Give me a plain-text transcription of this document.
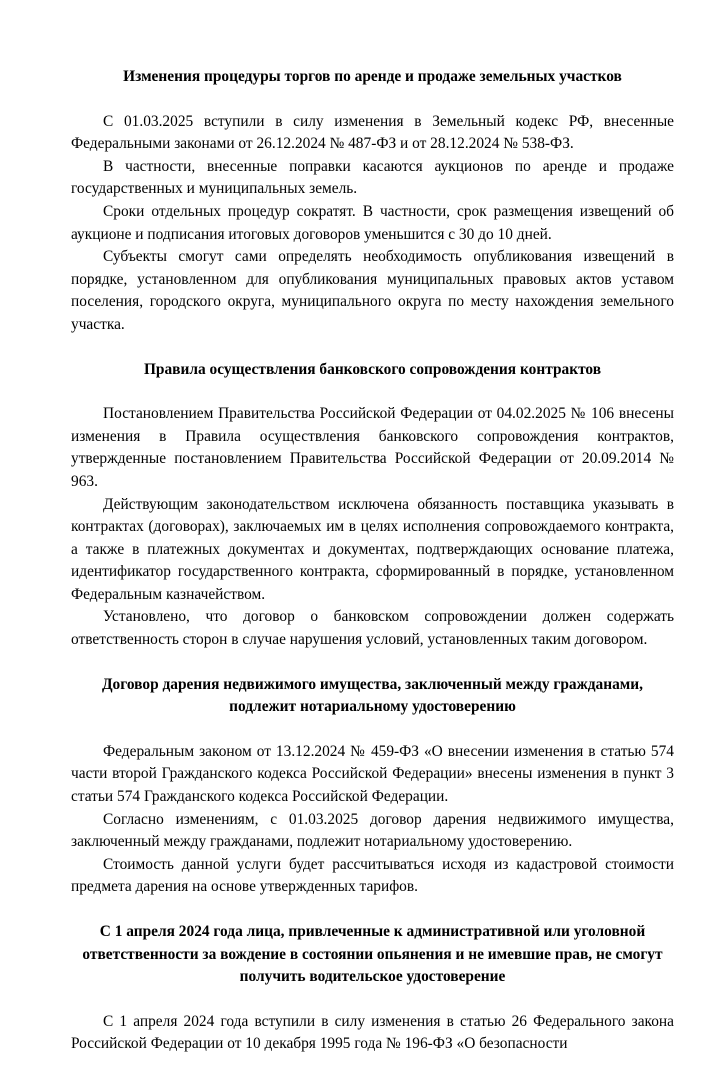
Изменения процедуры торгов по аренде и продаже земельных участков

С 01.03.2025 вступили в силу изменения в Земельный кодекс РФ, внесенные Федеральными законами от 26.12.2024 № 487-ФЗ и от 28.12.2024 № 538-ФЗ.

В частности, внесенные поправки касаются аукционов по аренде и продаже государственных и муниципальных земель.

Сроки отдельных процедур сократят. В частности, срок размещения извещений об аукционе и подписания итоговых договоров уменьшится с 30 до 10 дней.

Субъекты смогут сами определять необходимость опубликования извещений в порядке, установленном для опубликования муниципальных правовых актов уставом поселения, городского округа, муниципального округа по месту нахождения земельного участка.

Правила осуществления банковского сопровождения контрактов

Постановлением Правительства Российской Федерации от 04.02.2025 № 106 внесены изменения в Правила осуществления банковского сопровождения контрактов, утвержденные постановлением Правительства Российской Федерации от 20.09.2014 № 963.

Действующим законодательством исключена обязанность поставщика указывать в контрактах (договорах), заключаемых им в целях исполнения сопровождаемого контракта, а также в платежных документах и документах, подтверждающих основание платежа, идентификатор государственного контракта, сформированный в порядке, установленном Федеральным казначейством.

Установлено, что договор о банковском сопровождении должен содержать ответственность сторон в случае нарушения условий, установленных таким договором.

Договор дарения недвижимого имущества, заключенный между гражданами, подлежит нотариальному удостоверению

Федеральным законом от 13.12.2024 № 459-ФЗ «О внесении изменения в статью 574 части второй Гражданского кодекса Российской Федерации» внесены изменения в пункт 3 статьи 574 Гражданского кодекса Российской Федерации.

Согласно изменениям, с 01.03.2025 договор дарения недвижимого имущества, заключенный между гражданами, подлежит нотариальному удостоверению.

Стоимость данной услуги будет рассчитываться исходя из кадастровой стоимости предмета дарения на основе утвержденных тарифов.

С 1 апреля 2024 года лица, привлеченные к административной или уголовной ответственности за вождение в состоянии опьянения и не имевшие прав, не смогут получить водительское удостоверение

С 1 апреля 2024 года вступили в силу изменения в статью 26 Федерального закона Российской Федерации от 10 декабря 1995 года № 196-ФЗ «О безопасности
